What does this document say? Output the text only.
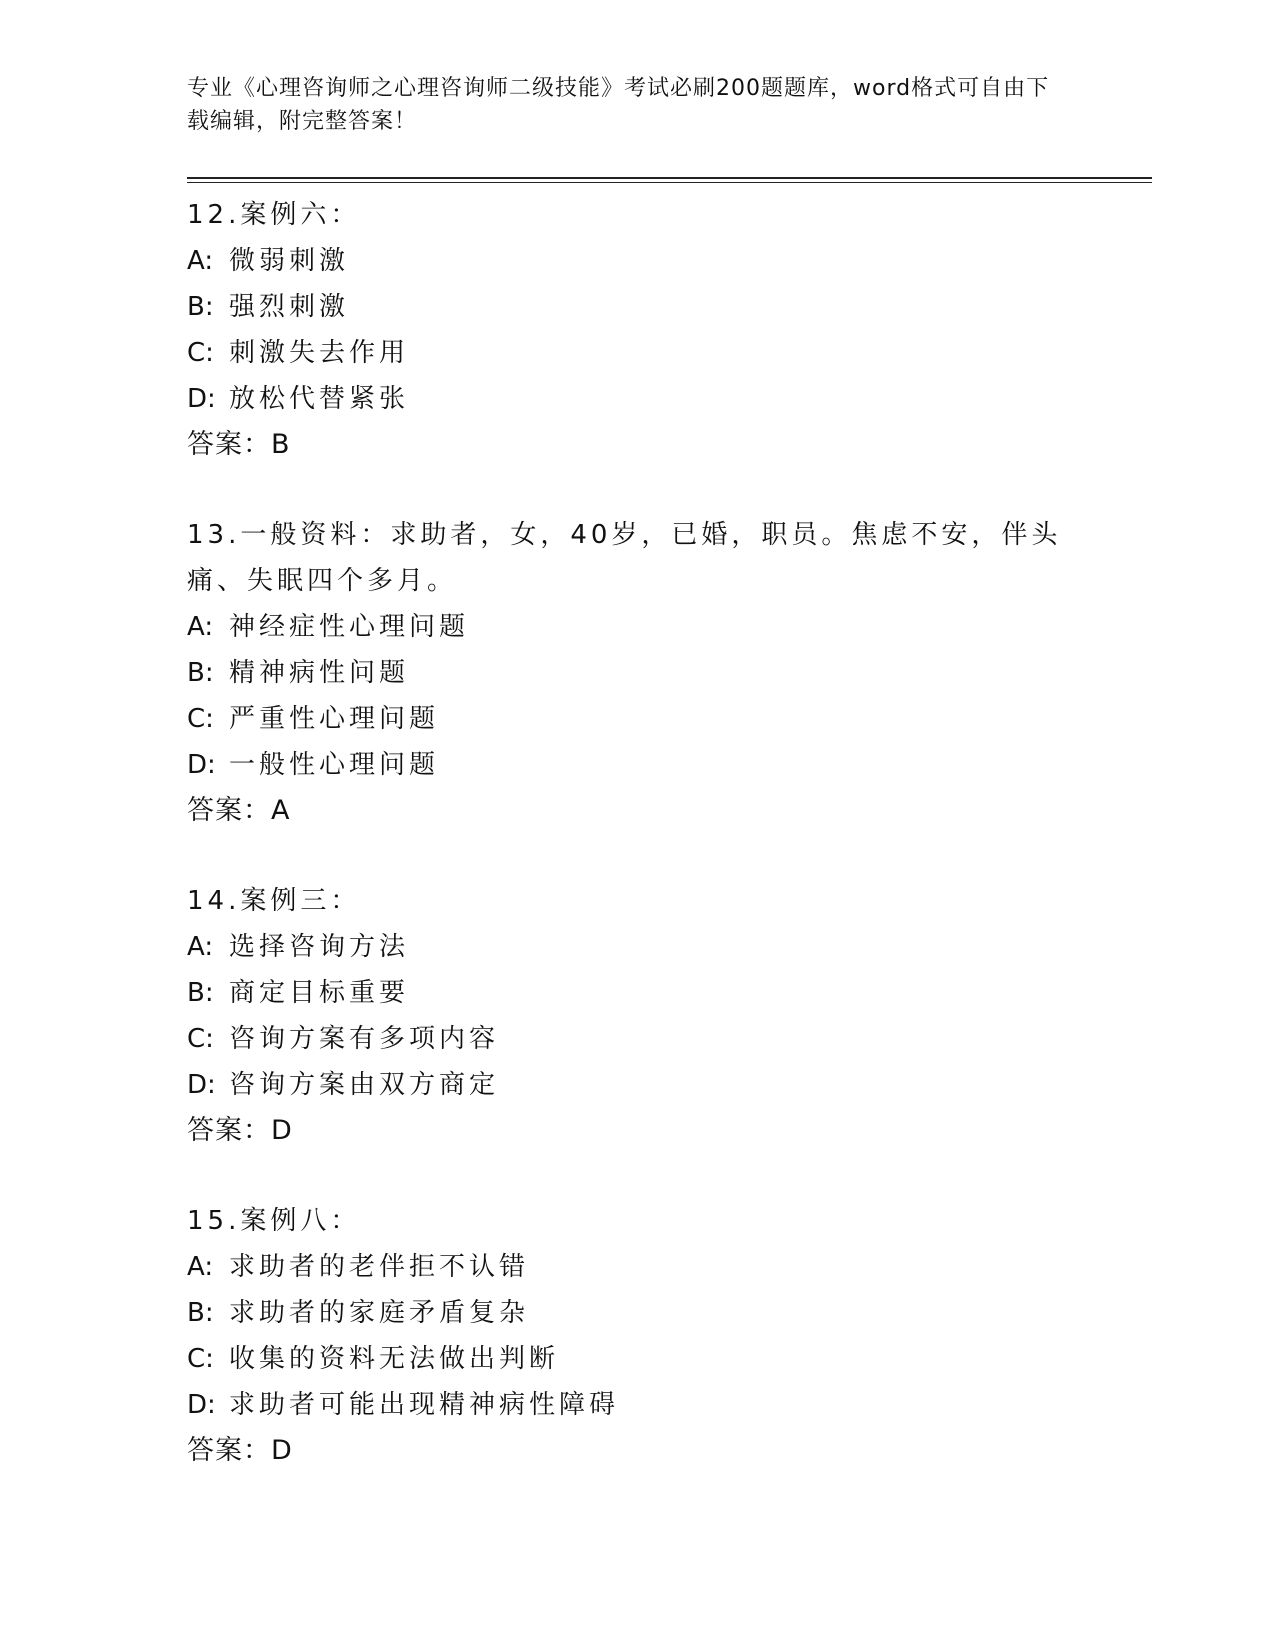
专业《心理咨询师之心理咨询师二级技能》考试必刷200题题库，word格式可自由下载编辑，附完整答案！
12.案例六：
A: 微弱刺激
B: 强烈刺激
C: 刺激失去作用
D: 放松代替紧张
答案：B
13.一般资料：求助者，女，40岁，已婚，职员。焦虑不安，伴头痛、失眠四个多月。
A: 神经症性心理问题
B: 精神病性问题
C: 严重性心理问题
D: 一般性心理问题
答案：A
14.案例三：
A: 选择咨询方法
B: 商定目标重要
C: 咨询方案有多项内容
D: 咨询方案由双方商定
答案：D
15.案例八：
A: 求助者的老伴拒不认错
B: 求助者的家庭矛盾复杂
C: 收集的资料无法做出判断
D: 求助者可能出现精神病性障碍
答案：D
